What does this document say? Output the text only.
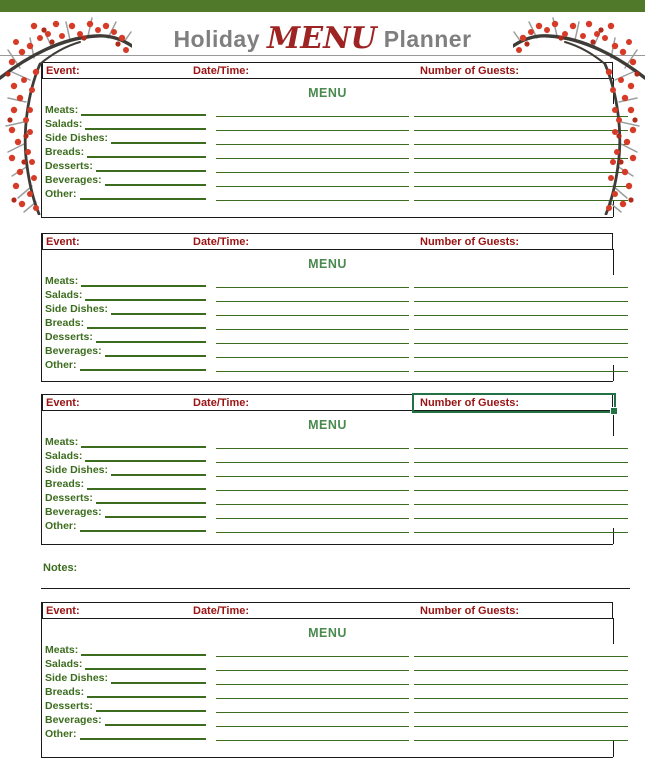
Holiday MENU Planner
Event:	Date/Time:	Number of Guests:
MENU
Meats:
Salads:
Side Dishes:
Breads:
Desserts:
Beverages:
Other:
Event:	Date/Time:	Number of Guests:
MENU
Meats:
Salads:
Side Dishes:
Breads:
Desserts:
Beverages:
Other:
Event:	Date/Time:	Number of Guests:
MENU
Meats:
Salads:
Side Dishes:
Breads:
Desserts:
Beverages:
Other:
Event:	Date/Time:	Number of Guests:
MENU
Meats:
Salads:
Side Dishes:
Breads:
Desserts:
Beverages:
Other:
Notes:
